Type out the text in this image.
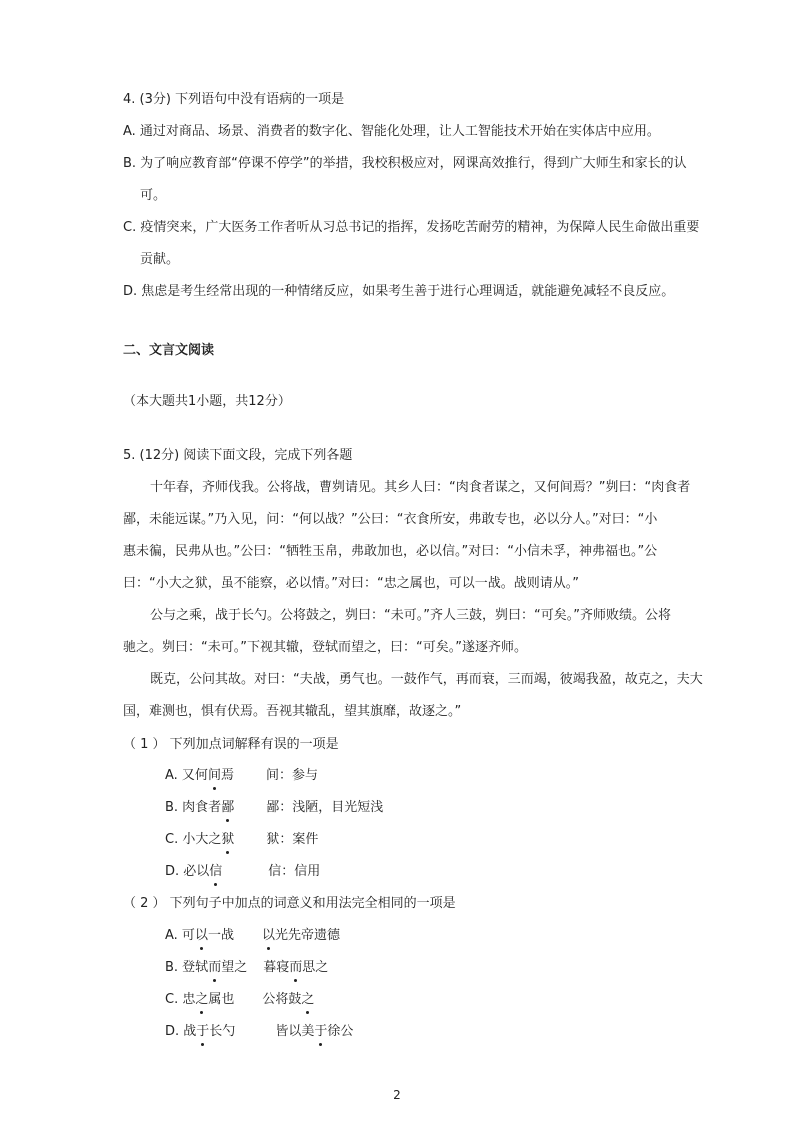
4. (3分) 下列语句中没有语病的一项是
A. 通过对商品、场景、消费者的数字化、智能化处理，让人工智能技术开始在实体店中应用。
B. 为了响应教育部“停课不停学”的举措，我校积极应对，网课高效推行，得到广大师生和家长的认
可。
C. 疫情突来，广大医务工作者听从习总书记的指挥，发扬吃苦耐劳的精神，为保障人民生命做出重要
贡献。
D. 焦虑是考生经常出现的一种情绪反应，如果考生善于进行心理调适，就能避免减轻不良反应。
二、文言文阅读
（本大题共1小题，共12分）
5. (12分) 阅读下面文段，完成下列各题
十年春，齐师伐我。公将战，曹刿请见。其乡人曰：“肉食者谋之，又何间焉？”刿曰：“肉食者
鄙，未能远谋。”乃入见，问：“何以战？”公曰：“衣食所安，弗敢专也，必以分人。”对曰：“小
惠未徧，民弗从也。”公曰：“牺牲玉帛，弗敢加也，必以信。”对曰：“小信未孚，神弗福也。”公
曰：“小大之狱，虽不能察，必以情。”对曰：“忠之属也，可以一战。战则请从。”
公与之乘，战于长勺。公将鼓之，刿曰：“未可。”齐人三鼓，刿曰：“可矣。”齐师败绩。公将
驰之。刿曰：“未可。”下视其辙，登轼而望之，曰：“可矣。”遂逐齐师。
既克，公问其故。对曰：“夫战，勇气也。一鼓作气，再而衰，三而竭，彼竭我盈，故克之，夫大
国，难测也，惧有伏焉。吾视其辙乱，望其旗靡，故逐之。”
（ 1 ） 下列加点词解释有误的一项是
A. 又何间焉 间：参与
B. 肉食者鄙 鄙：浅陋，目光短浅
C. 小大之狱 狱：案件
D. 必以信	信：信用
（ 2 ） 下列句子中加点的词意义和用法完全相同的一项是
A. 可以一战 以光先帝遗德
B. 登轼而望之 暮寝而思之
C. 忠之属也 公将鼓之
D. 战于长勺	皆以美于徐公
2
